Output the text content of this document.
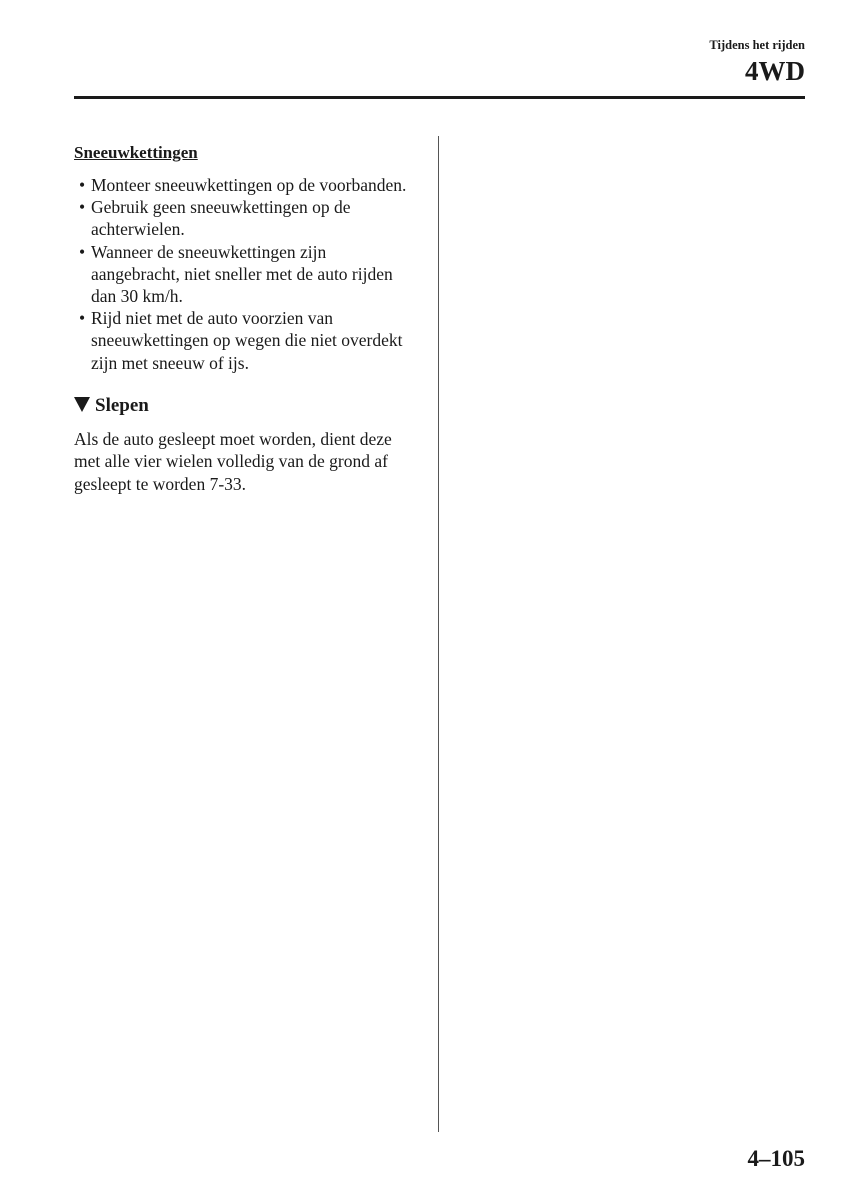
Tijdens het rijden
4WD
Sneeuwkettingen
• Monteer sneeuwkettingen op de voorbanden.
• Gebruik geen sneeuwkettingen op de achterwielen.
• Wanneer de sneeuwkettingen zijn aangebracht, niet sneller met de auto rijden dan 30 km/h.
• Rijd niet met de auto voorzien van sneeuwkettingen op wegen die niet overdekt zijn met sneeuw of ijs.
Slepen

Als de auto gesleept moet worden, dient deze met alle vier wielen volledig van de grond af gesleept te worden 7-33.

4–105
